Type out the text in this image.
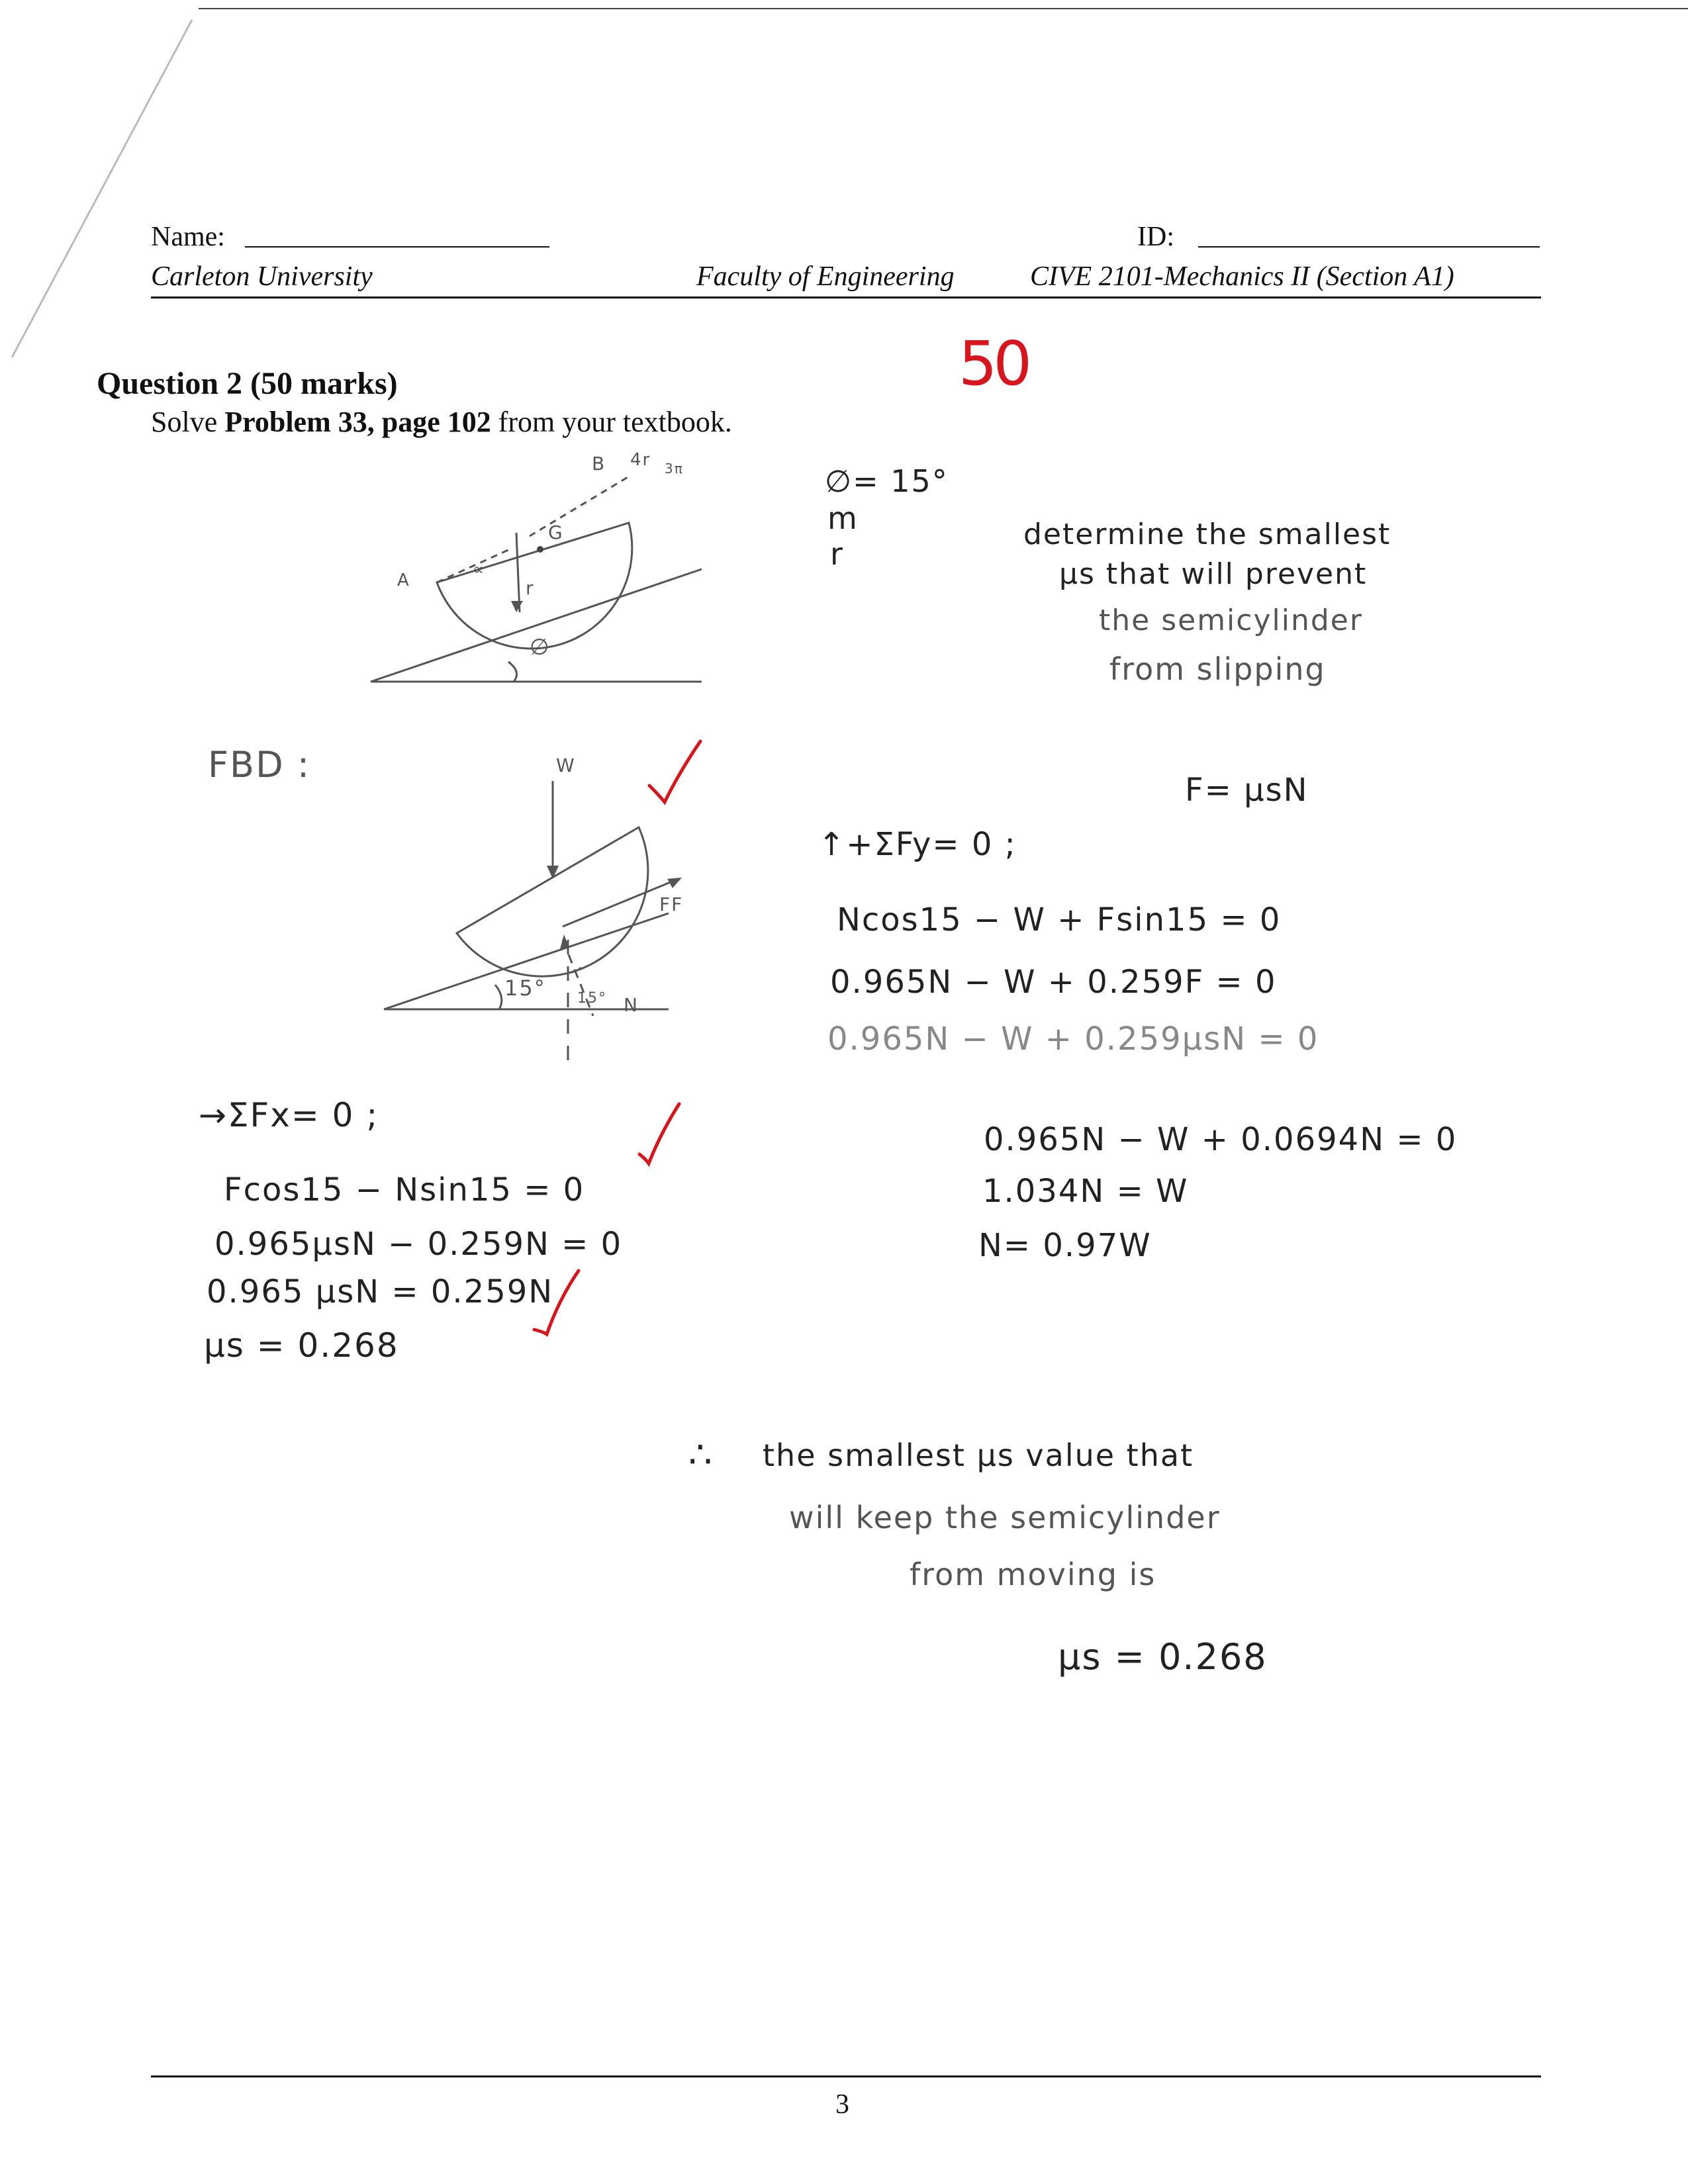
Name:	ID:
Carleton University	Faculty of Engineering	CIVE 2101-Mechanics II (Section A1)
50
Question 2 (50 marks)
Solve Problem 33, page 102 from your textbook.
B 4r 3π
G
A
∝
r
∅
∅= 15°
m
r
determine the smallest
μs that will prevent
the semicylinder
from slipping
FBD :	W
FF
N
15° 15°
F= μsN
↑+ΣFy= 0 ;
Ncos15 − W + Fsin15 = 0
0.965N − W + 0.259F = 0
0.965N − W + 0.259μsN = 0
0.965N − W + 0.0694N = 0
1.034N = W
N= 0.97W
→ΣFx= 0 ;
Fcos15 − Nsin15 = 0
0.965μsN − 0.259N = 0
0.965 μsN = 0.259N
μs = 0.268
∴ the smallest μs value that
will keep the semicylinder
from moving is
μs = 0.268
3
